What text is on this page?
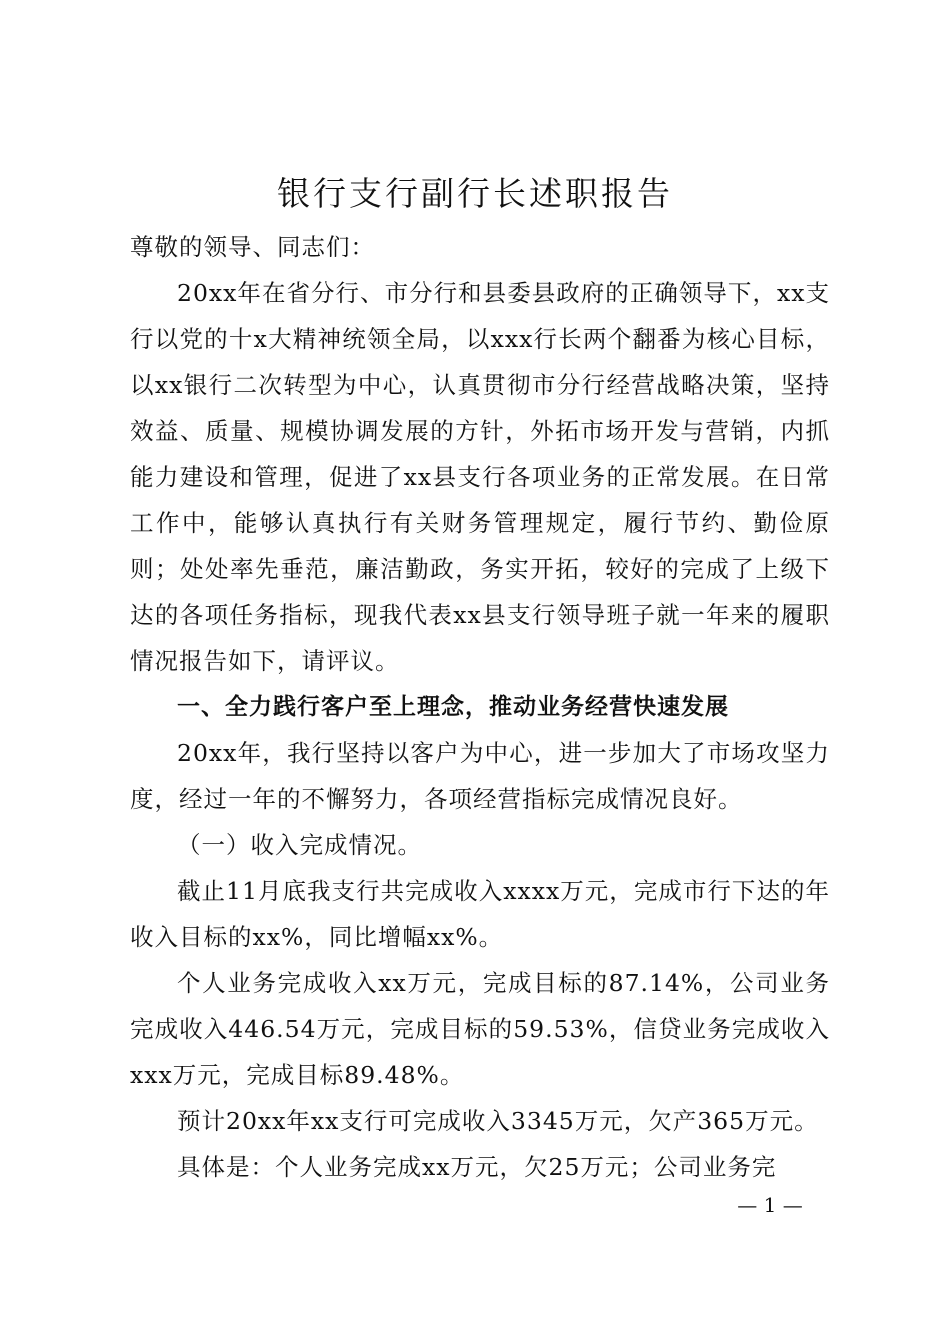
银行支行副行长述职报告

尊敬的领导、同志们：

20xx年在省分行、市分行和县委县政府的正确领导下，xx支行以党的十x大精神统领全局，以xxx行长两个翻番为核心目标，以xx银行二次转型为中心，认真贯彻市分行经营战略决策，坚持效益、质量、规模协调发展的方针，外拓市场开发与营销，内抓能力建设和管理，促进了xx县支行各项业务的正常发展。在日常工作中，能够认真执行有关财务管理规定，履行节约、勤俭原则；处处率先垂范，廉洁勤政，务实开拓，较好的完成了上级下达的各项任务指标，现我代表xx县支行领导班子就一年来的履职情况报告如下，请评议。

一、全力践行客户至上理念，推动业务经营快速发展

20xx年，我行坚持以客户为中心，进一步加大了市场攻坚力度，经过一年的不懈努力，各项经营指标完成情况良好。

（一）收入完成情况。

截止11月底我支行共完成收入xxxx万元，完成市行下达的年收入目标的xx%，同比增幅xx%。

个人业务完成收入xx万元，完成目标的87.14%，公司业务完成收入446.54万元，完成目标的59.53%，信贷业务完成收入xxx万元，完成目标89.48%。

预计20xx年xx支行可完成收入3345万元，欠产365万元。

具体是：个人业务完成xx万元，欠25万元；公司业务完

— 1 —
